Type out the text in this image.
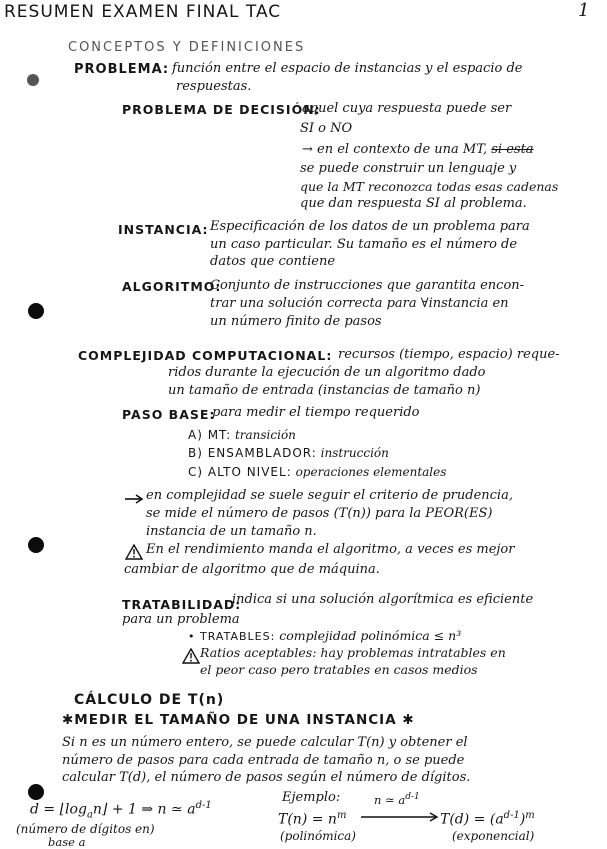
RESUMEN EXAMEN FINAL TAC	1
CONCEPTOS Y DEFINICIONES
PROBLEMA: función entre el espacio de instancias y el espacio de
respuestas.
PROBLEMA DE DECISIÓN:
aquel cuya respuesta puede ser
SI o NO
→ en el contexto de una MT, si esta
se puede construir un lenguaje y
que la MT reconozca todas esas cadenas
que dan respuesta SI al problema.
INSTANCIA: Especificación de los datos de un problema para
un caso particular. Su tamaño es el número de
datos que contiene
ALGORITMO:
Conjunto de instrucciones que garantita encon-
trar una solución correcta para ∀instancia en
un número finito de pasos
COMPLEJIDAD COMPUTACIONAL: recursos (tiempo, espacio) reque-
ridos durante la ejecución de un algoritmo dado
un tamaño de entrada (instancias de tamaño n)
PASO BASE:
para medir el tiempo requerido
A) MT: transición
B) ENSAMBLADOR: instrucción
C) ALTO NIVEL: operaciones elementales
en complejidad se suele seguir el criterio de prudencia,
se mide el número de pasos (T(n)) para la PEOR(ES)
instancia de un tamaño n.
En el rendimiento manda el algoritmo, a veces es mejor
cambiar de algoritmo que de máquina.
TRATABILIDAD:
indica si una solución algorítmica es eficiente
para un problema
• TRATABLES: complejidad polinómica ≤ n³
Ratios aceptables: hay problemas intratables en
el peor caso pero tratables en casos medios
CÁLCULO DE T(n)
✱MEDIR EL TAMAÑO DE UNA INSTANCIA ✱
Si n es un número entero, se puede calcular T(n) y obtener el
número de pasos para cada entrada de tamaño n, o se puede
calcular T(d), el número de pasos según el número de dígitos.
$d = ⌊\log_an⌋ + 1$ ⇒ n ≃ $a^{d-1}$
(número de dígitos en)
base a
Ejemplo:
$T(n) = n^m$
n ≃ $a^{d-1}$
$T(d) = (a^{d-1})^m$
(polinómica)	(exponencial)
